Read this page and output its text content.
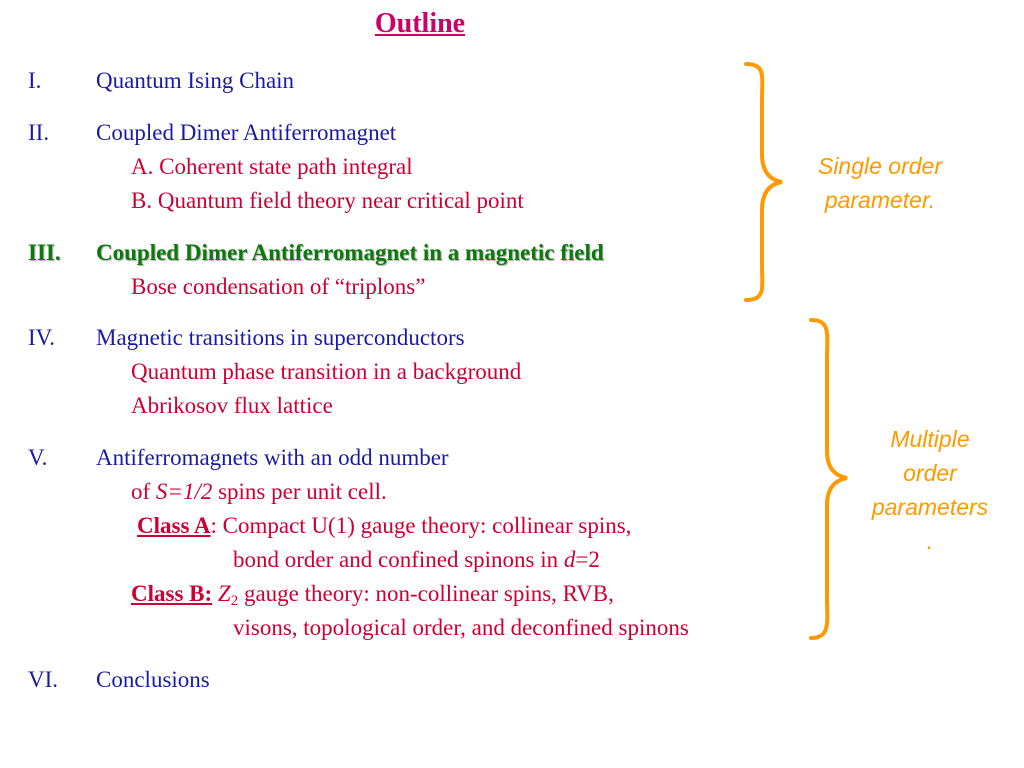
Outline
I. Quantum Ising Chain
II. Coupled Dimer Antiferromagnet
A. Coherent state path integral
B. Quantum field theory near critical point
III. Coupled Dimer Antiferromagnet in a magnetic field
Bose condensation of “triplons”
IV. Magnetic transitions in superconductors
Quantum phase transition in a background
Abrikosov flux lattice
V. Antiferromagnets with an odd number
of S=1/2 spins per unit cell.
Class A: Compact U(1) gauge theory: collinear spins,
bond order and confined spinons in d=2
Class B: Z2 gauge theory: non-collinear spins, RVB,
visons, topological order, and deconfined spinons
VI. Conclusions
Single order
parameter.
Multiple
order
parameters
.
